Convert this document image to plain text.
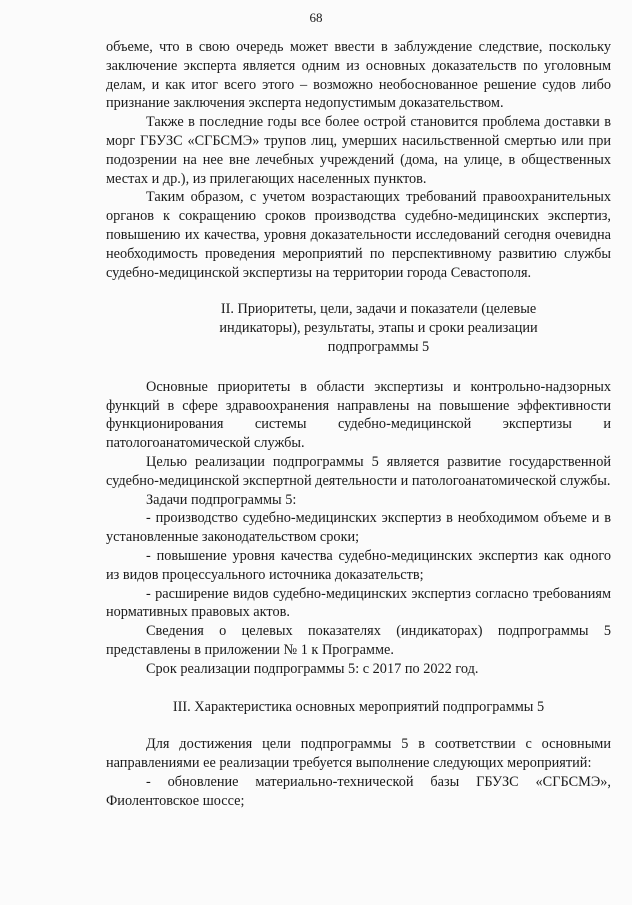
68

объеме, что в свою очередь может ввести в заблуждение следствие, поскольку заключение эксперта является одним из основных доказательств по уголовным делам, и как итог всего этого – возможно необоснованное решение судов либо признание заключения эксперта недопустимым доказательством.

Также в последние годы все более острой становится проблема доставки в морг ГБУЗС «СГБСМЭ» трупов лиц, умерших насильственной смертью или при подозрении на нее вне лечебных учреждений (дома, на улице, в общественных местах и др.), из прилегающих населенных пунктов.

Таким образом, с учетом возрастающих требований правоохранительных органов к сокращению сроков производства судебно-медицинских экспертиз, повышению их качества, уровня доказательности исследований сегодня очевидна необходимость проведения мероприятий по перспективному развитию службы судебно-медицинской экспертизы на территории города Севастополя.

II. Приоритеты, цели, задачи и показатели (целевые индикаторы), результаты, этапы и сроки реализации подпрограммы 5

Основные приоритеты в области экспертизы и контрольно-надзорных функций в сфере здравоохранения направлены на повышение эффективности функционирования системы судебно-медицинской экспертизы и патологоанатомической службы.

Целью реализации подпрограммы 5 является развитие государственной судебно-медицинской экспертной деятельности и патологоанатомической службы.

Задачи подпрограммы 5:

- производство судебно-медицинских экспертиз в необходимом объеме и в установленные законодательством сроки;

- повышение уровня качества судебно-медицинских экспертиз как одного из видов процессуального источника доказательств;

- расширение видов судебно-медицинских экспертиз согласно требованиям нормативных правовых актов.

Сведения о целевых показателях (индикаторах) подпрограммы 5 представлены в приложении № 1 к Программе.

Срок реализации подпрограммы 5: с 2017 по 2022 год.

III. Характеристика основных мероприятий подпрограммы 5

Для достижения цели подпрограммы 5 в соответствии с основными направлениями ее реализации требуется выполнение следующих мероприятий:

- обновление материально-технической базы ГБУЗС «СГБСМЭ», Фиолентовское шоссе;
